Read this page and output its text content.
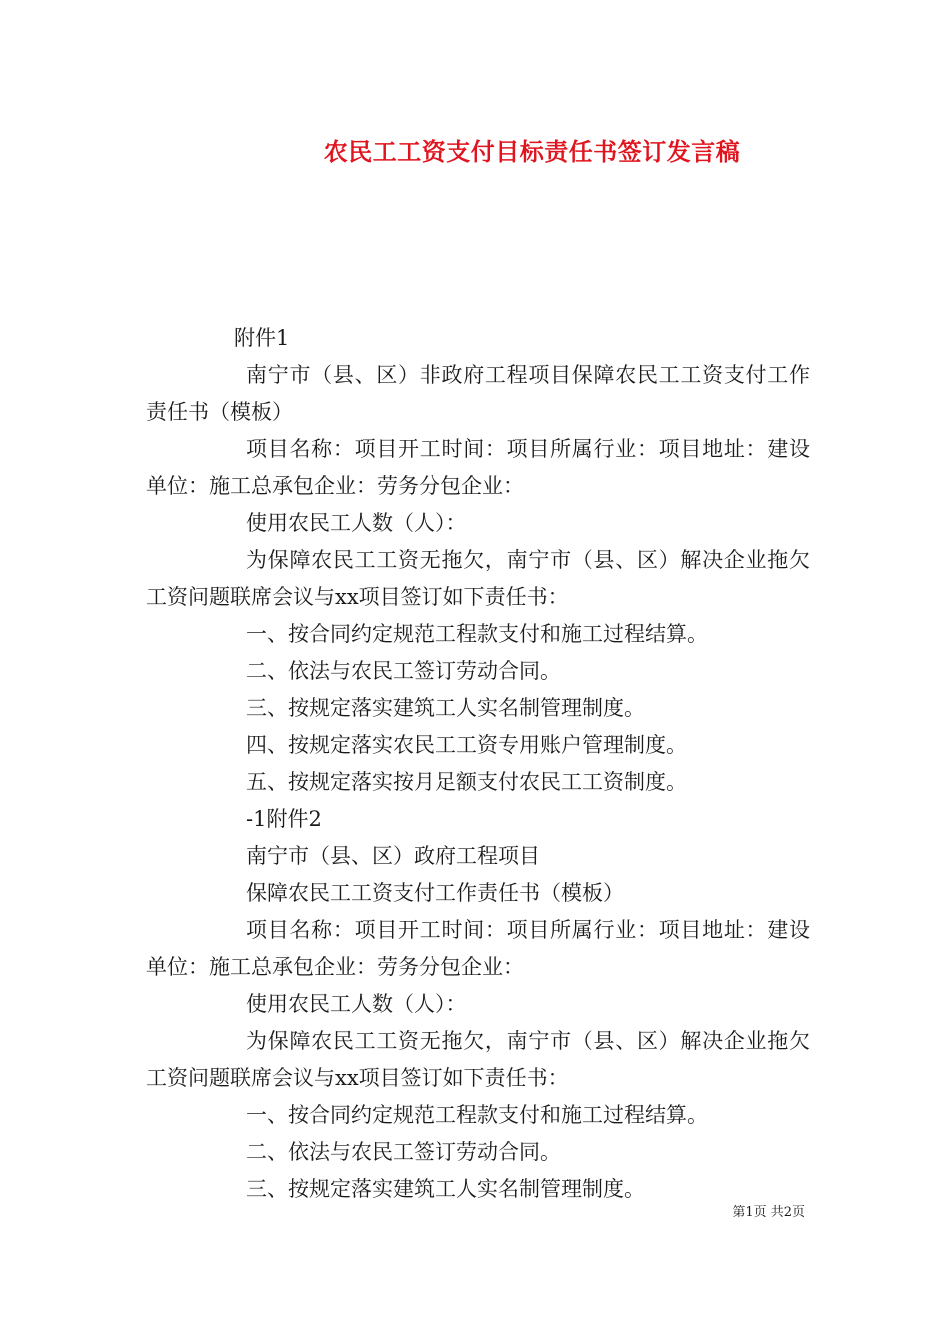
农民工工资支付目标责任书签订发言稿

附件1

南宁市（县、区）非政府工程项目保障农民工工资支付工作责任书（模板）

项目名称：项目开工时间：项目所属行业：项目地址：建设单位：施工总承包企业：劳务分包企业：

使用农民工人数（人）：

为保障农民工工资无拖欠，南宁市（县、区）解决企业拖欠工资问题联席会议与xx项目签订如下责任书：

一、按合同约定规范工程款支付和施工过程结算。

二、依法与农民工签订劳动合同。

三、按规定落实建筑工人实名制管理制度。

四、按规定落实农民工工资专用账户管理制度。

五、按规定落实按月足额支付农民工工资制度。

-1附件2

南宁市（县、区）政府工程项目

保障农民工工资支付工作责任书（模板）

项目名称：项目开工时间：项目所属行业：项目地址：建设单位：施工总承包企业：劳务分包企业：

使用农民工人数（人）：

为保障农民工工资无拖欠，南宁市（县、区）解决企业拖欠工资问题联席会议与xx项目签订如下责任书：

一、按合同约定规范工程款支付和施工过程结算。

二、依法与农民工签订劳动合同。

三、按规定落实建筑工人实名制管理制度。

第1页 共2页
